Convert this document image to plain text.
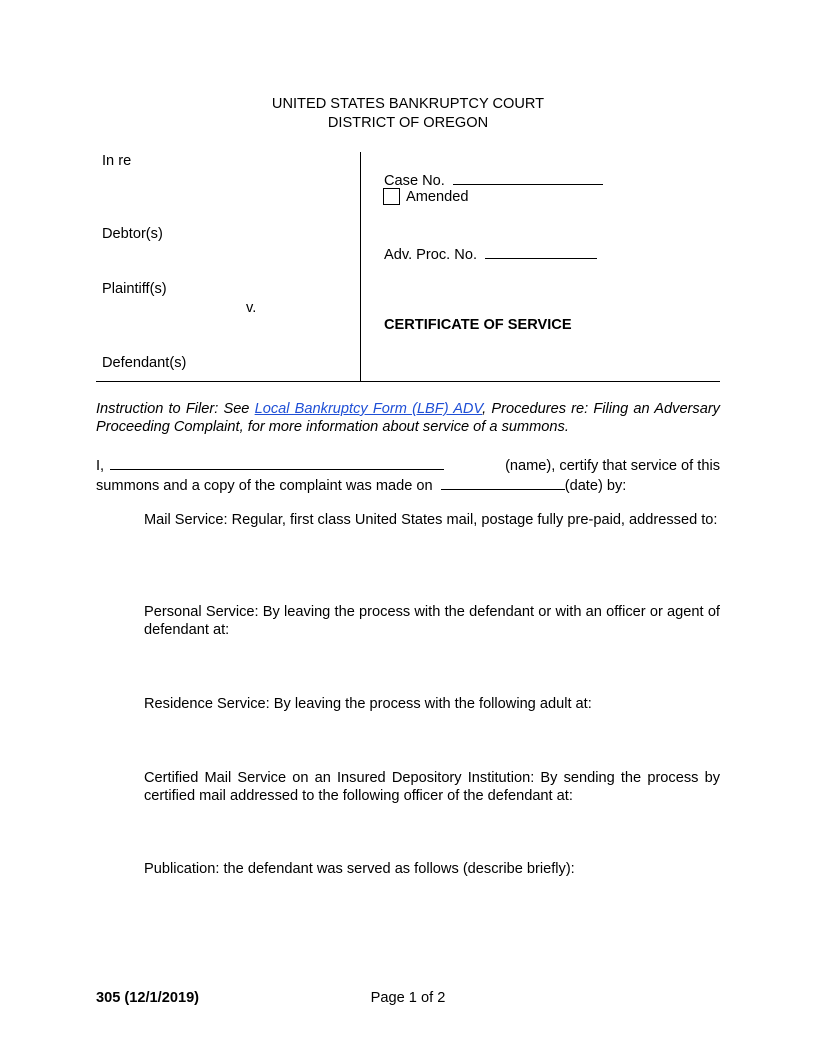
UNITED STATES BANKRUPTCY COURT
DISTRICT OF OREGON
In re
Debtor(s)
Plaintiff(s)
v.
Defendant(s)
Case No.
Amended
Adv. Proc. No.
CERTIFICATE OF SERVICE
Instruction to Filer: See Local Bankruptcy Form (LBF) ADV, Procedures re: Filing an Adversary Proceeding Complaint, for more information about service of a summons.
I,	(name), certify that service of this
summons and a copy of the complaint was made on	(date) by:
Mail Service: Regular, first class United States mail, postage fully pre-paid, addressed to:
Personal Service: By leaving the process with the defendant or with an officer or agent of defendant at:
Residence Service: By leaving the process with the following adult at:
Certified Mail Service on an Insured Depository Institution: By sending the process by certified mail addressed to the following officer of the defendant at:
Publication: the defendant was served as follows (describe briefly):
305 (12/1/2019)	Page 1 of 2
